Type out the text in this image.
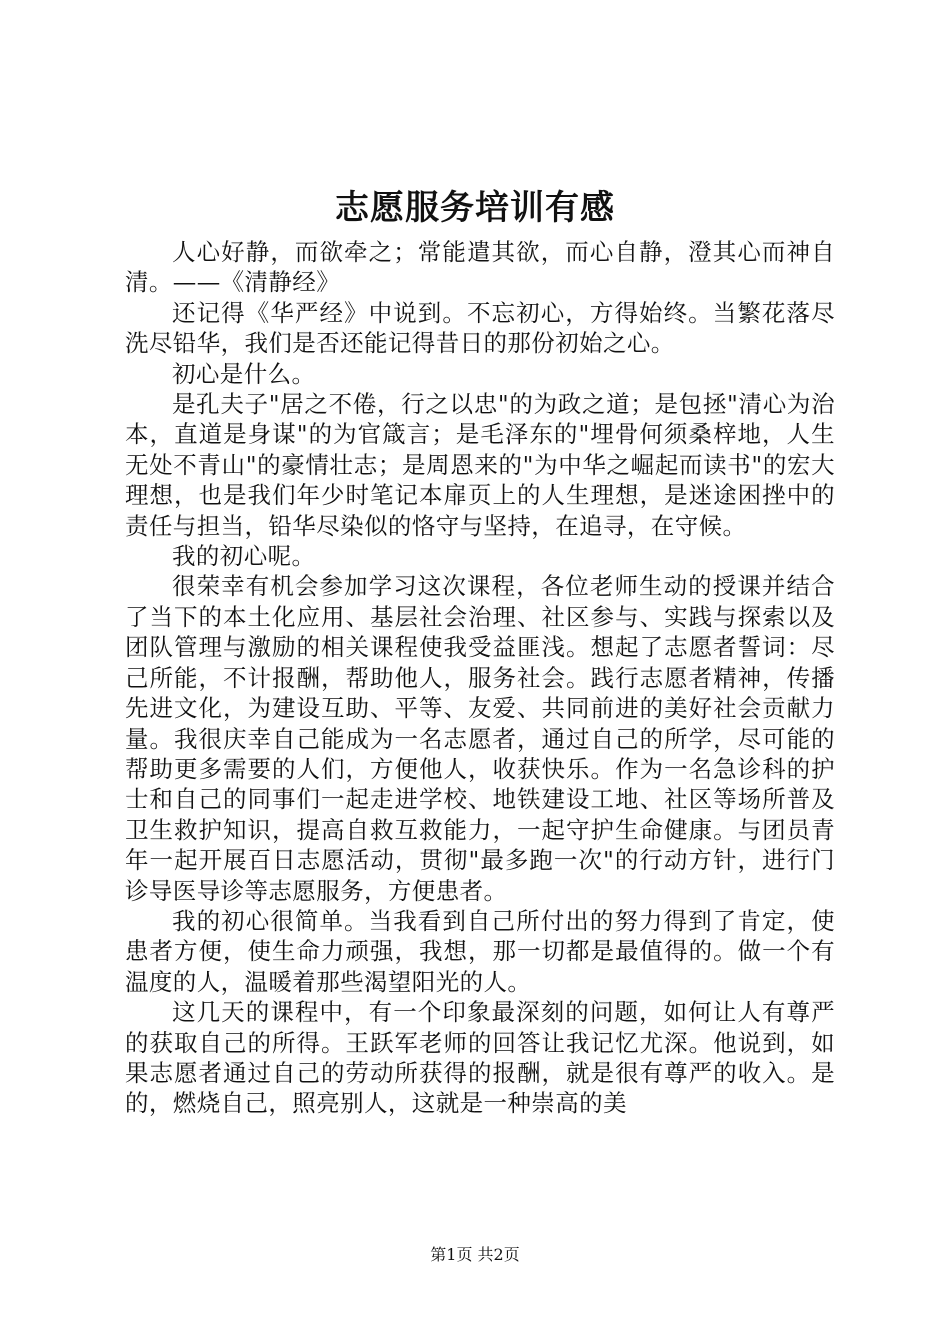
志愿服务培训有感

人心好静，而欲牵之；常能遣其欲，而心自静，澄其心而神自清。——《清静经》

还记得《华严经》中说到。不忘初心，方得始终。当繁花落尽洗尽铅华，我们是否还能记得昔日的那份初始之心。

初心是什么。

是孔夫子"居之不倦，行之以忠"的为政之道；是包拯"清心为治本，直道是身谋"的为官箴言；是毛泽东的"埋骨何须桑梓地，人生无处不青山"的豪情壮志；是周恩来的"为中华之崛起而读书"的宏大理想，也是我们年少时笔记本扉页上的人生理想，是迷途困挫中的责任与担当，铅华尽染似的恪守与坚持，在追寻，在守候。

我的初心呢。

很荣幸有机会参加学习这次课程，各位老师生动的授课并结合了当下的本土化应用、基层社会治理、社区参与、实践与探索以及团队管理与激励的相关课程使我受益匪浅。想起了志愿者誓词：尽己所能，不计报酬，帮助他人，服务社会。践行志愿者精神，传播先进文化，为建设互助、平等、友爱、共同前进的美好社会贡献力量。我很庆幸自己能成为一名志愿者，通过自己的所学，尽可能的帮助更多需要的人们，方便他人，收获快乐。作为一名急诊科的护士和自己的同事们一起走进学校、地铁建设工地、社区等场所普及卫生救护知识，提高自救互救能力，一起守护生命健康。与团员青年一起开展百日志愿活动，贯彻"最多跑一次"的行动方针，进行门诊导医导诊等志愿服务，方便患者。

我的初心很简单。当我看到自己所付出的努力得到了肯定，使患者方便，使生命力顽强，我想，那一切都是最值得的。做一个有温度的人，温暖着那些渴望阳光的人。

这几天的课程中，有一个印象最深刻的问题，如何让人有尊严的获取自己的所得。王跃军老师的回答让我记忆尤深。他说到，如果志愿者通过自己的劳动所获得的报酬，就是很有尊严的收入。是的，燃烧自己，照亮别人，这就是一种崇高的美

第1页 共2页
